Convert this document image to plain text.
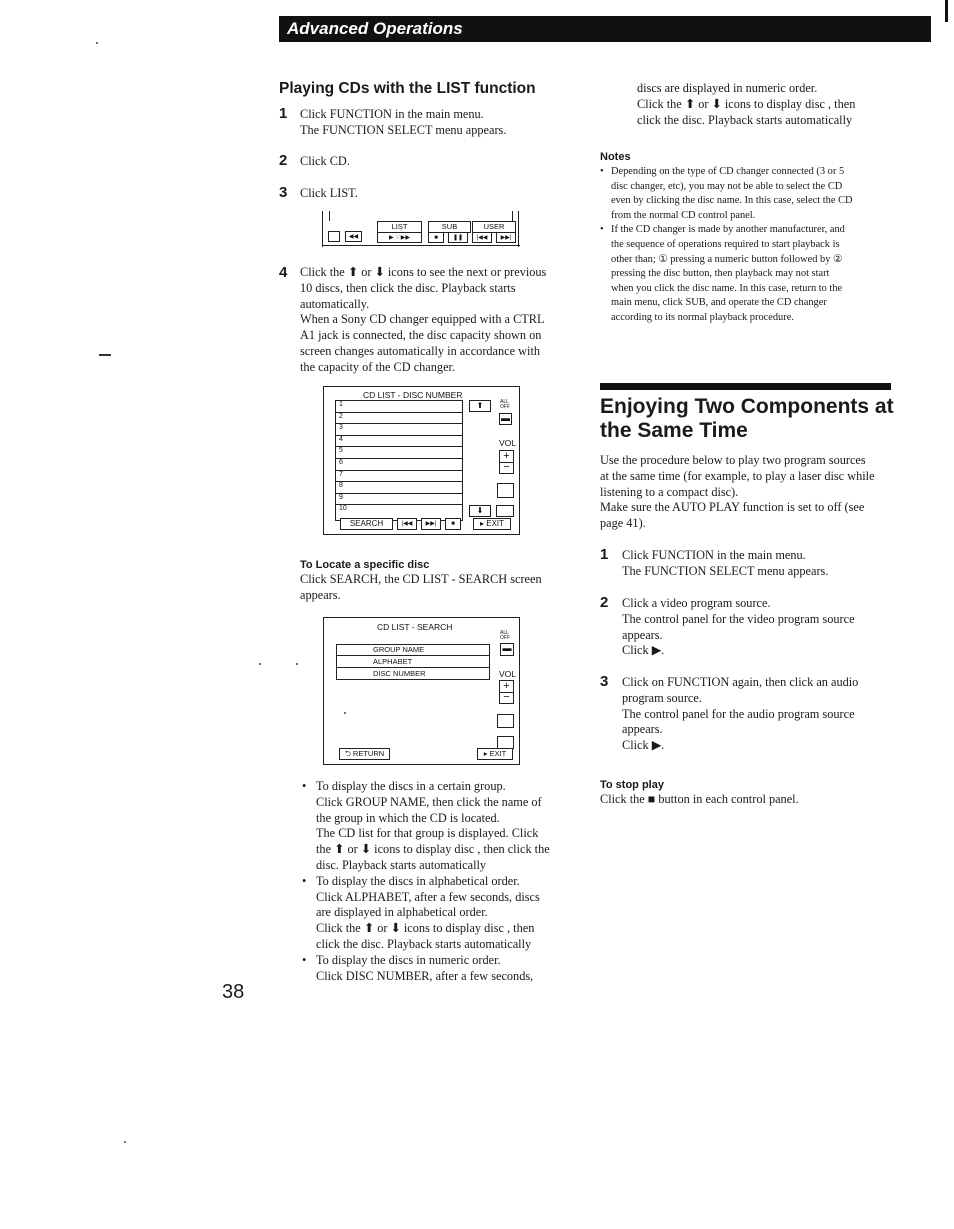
Advanced Operations
Playing CDs with the LIST function
1 Click FUNCTION in the main menu.
The FUNCTION SELECT menu appears.
2 Click CD.
3 Click LIST.
◀◀
LIST
▶ ☞▶▶
SUB
■	❚❚
USER
|◀◀	▶▶|
4 Click the ⬆ or ⬇ icons to see the next or previous
10 discs, then click the disc. Playback starts
automatically.
When a Sony CD changer equipped with a CTRL
A1 jack is connected, the disc capacity shown on
screen changes automatically in accordance with
the capacity of the CD changer.
CD LIST - DISC NUMBER
1
2
3
4
5
6
7
8
9
10
⬆	ALL OFF
▬
VOL
+
−
⬇
SEARCH	|◀◀	▶▶|	■	▸ EXIT
To Locate a specific disc
Click SEARCH, the CD LIST - SEARCH screen
appears.
CD LIST - SEARCH
GROUP NAME
ALPHABET
DISC NUMBER
ALL OFF
▬
VOL
+
−
⮌ RETURN	▸ EXIT
• To display the discs in a certain group.
Click GROUP NAME, then click the name of
the group in which the CD is located.
The CD list for that group is displayed. Click
the ⬆ or ⬇ icons to display disc , then click the
disc. Playback starts automatically
• To display the discs in alphabetical order.
Click ALPHABET, after a few seconds, discs
are displayed in alphabetical order.
Click the ⬆ or ⬇ icons to display disc , then
click the disc. Playback starts automatically
• To display the discs in numeric order.
Click DISC NUMBER, after a few seconds,
38
discs are displayed in numeric order.
Click the ⬆ or ⬇ icons to display disc , then
click the disc. Playback starts automatically
Notes
• Depending on the type of CD changer connected (3 or 5
disc changer, etc), you may not be able to select the CD
even by clicking the disc name. In this case, select the CD
from the normal CD control panel.
• If the CD changer is made by another manufacturer, and
the sequence of operations required to start playback is
other than; ① pressing a numeric button followed by ②
pressing the disc button, then playback may not start
when you click the disc name. In this case, return to the
main menu, click SUB, and operate the CD changer
according to its normal playback procedure.
Enjoying Two Components at
the Same Time
Use the procedure below to play two program sources
at the same time (for example, to play a laser disc while
listening to a compact disc).
Make sure the AUTO PLAY function is set to off (see
page 41).
1 Click FUNCTION in the main menu.
The FUNCTION SELECT menu appears.
2 Click a video program source.
The control panel for the video program source
appears.
Click ▶.
3 Click on FUNCTION again, then click an audio
program source.
The control panel for the audio program source
appears.
Click ▶.
To stop play
Click the ■ button in each control panel.
